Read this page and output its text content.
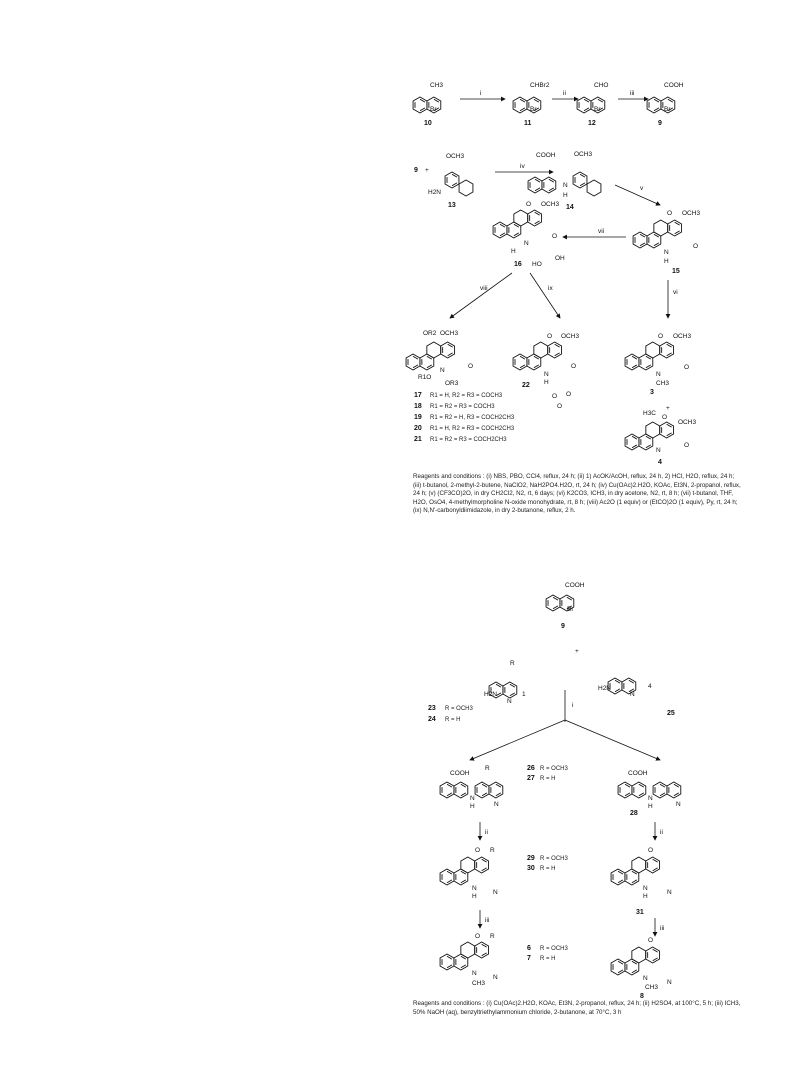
CH3
Br
10
CHBr2
Br
11
CHO
Br
12
COOH
Br
9
OCH3
H2N
13
COOH	OCH3
N
H
14
O OCH3
N
H
O
15
O OCH3
N
H
O
HO
OH
16
OR2 OCH3
N
O
R1O
OR3
O OCH3
N
H
O
O O
O
22
O OCH3
N
CH3
O
3
H3C
O
OCH3
N
O
4
COOH
Br
9
R
H2N
N
1
H2N
N
4
25
COOH
R
N
H	N
O R
N
H
N
O R
N
CH3
N
COOH
N
H	N
28
O
N
H
N
31
O
N
CH3
N
8
i	ii	iii
9 +
iv
v
vii
vi
viii	ix
17 R1 = H, R2 = R3 = COCH3
18 R1 = R2 = R3 = COCH3
19 R1 = R2 = H, R3 = COCH2CH3
20 R1 = H, R2 = R3 = COCH2CH3
21 R1 = R2 = R3 = COCH2CH3
+
+
23 R = OCH3
24 R = H
i
26 R = OCH3
27 R = H
ii
29 R = OCH3
30 R = H
iii
6 R = OCH3
7 R = H
ii
iii
Reagents and conditions : (i) NBS, PBO, CCl4, reflux, 24 h; (ii) 1) AcOK/AcOH, reflux, 24 h, 2) HCl, H2O, reflux, 24 h; (iii) t-butanol, 2-methyl-2-butene, NaClO2, NaH2PO4.H2O, rt, 24 h; (iv) Cu(OAc)2.H2O, KOAc, Et3N, 2-propanol, reflux, 24 h; (v) (CF3CO)2O, in dry CH2Cl2, N2, rt, 6 days; (vi) K2CO3, ICH3, in dry acetone, N2, rt, 8 h; (vii) t-butanol, THF, H2O, OsO4, 4-methylmorpholine N-oxide monohydrate, rt, 8 h; (viii) Ac2O (1 equiv) or (EtCO)2O (1 equiv), Py, rt, 24 h; (ix) N,N'-carbonyldiimidazole, in dry 2-butanone, reflux, 2 h.
Reagents and conditions : (i) Cu(OAc)2.H2O, KOAc, Et3N, 2-propanol, reflux, 24 h; (ii) H2SO4, at 100°C, 5 h; (iii) ICH3, 50% NaOH (aq), benzyltriethylammonium chloride, 2-butanone, at 70°C, 3 h
